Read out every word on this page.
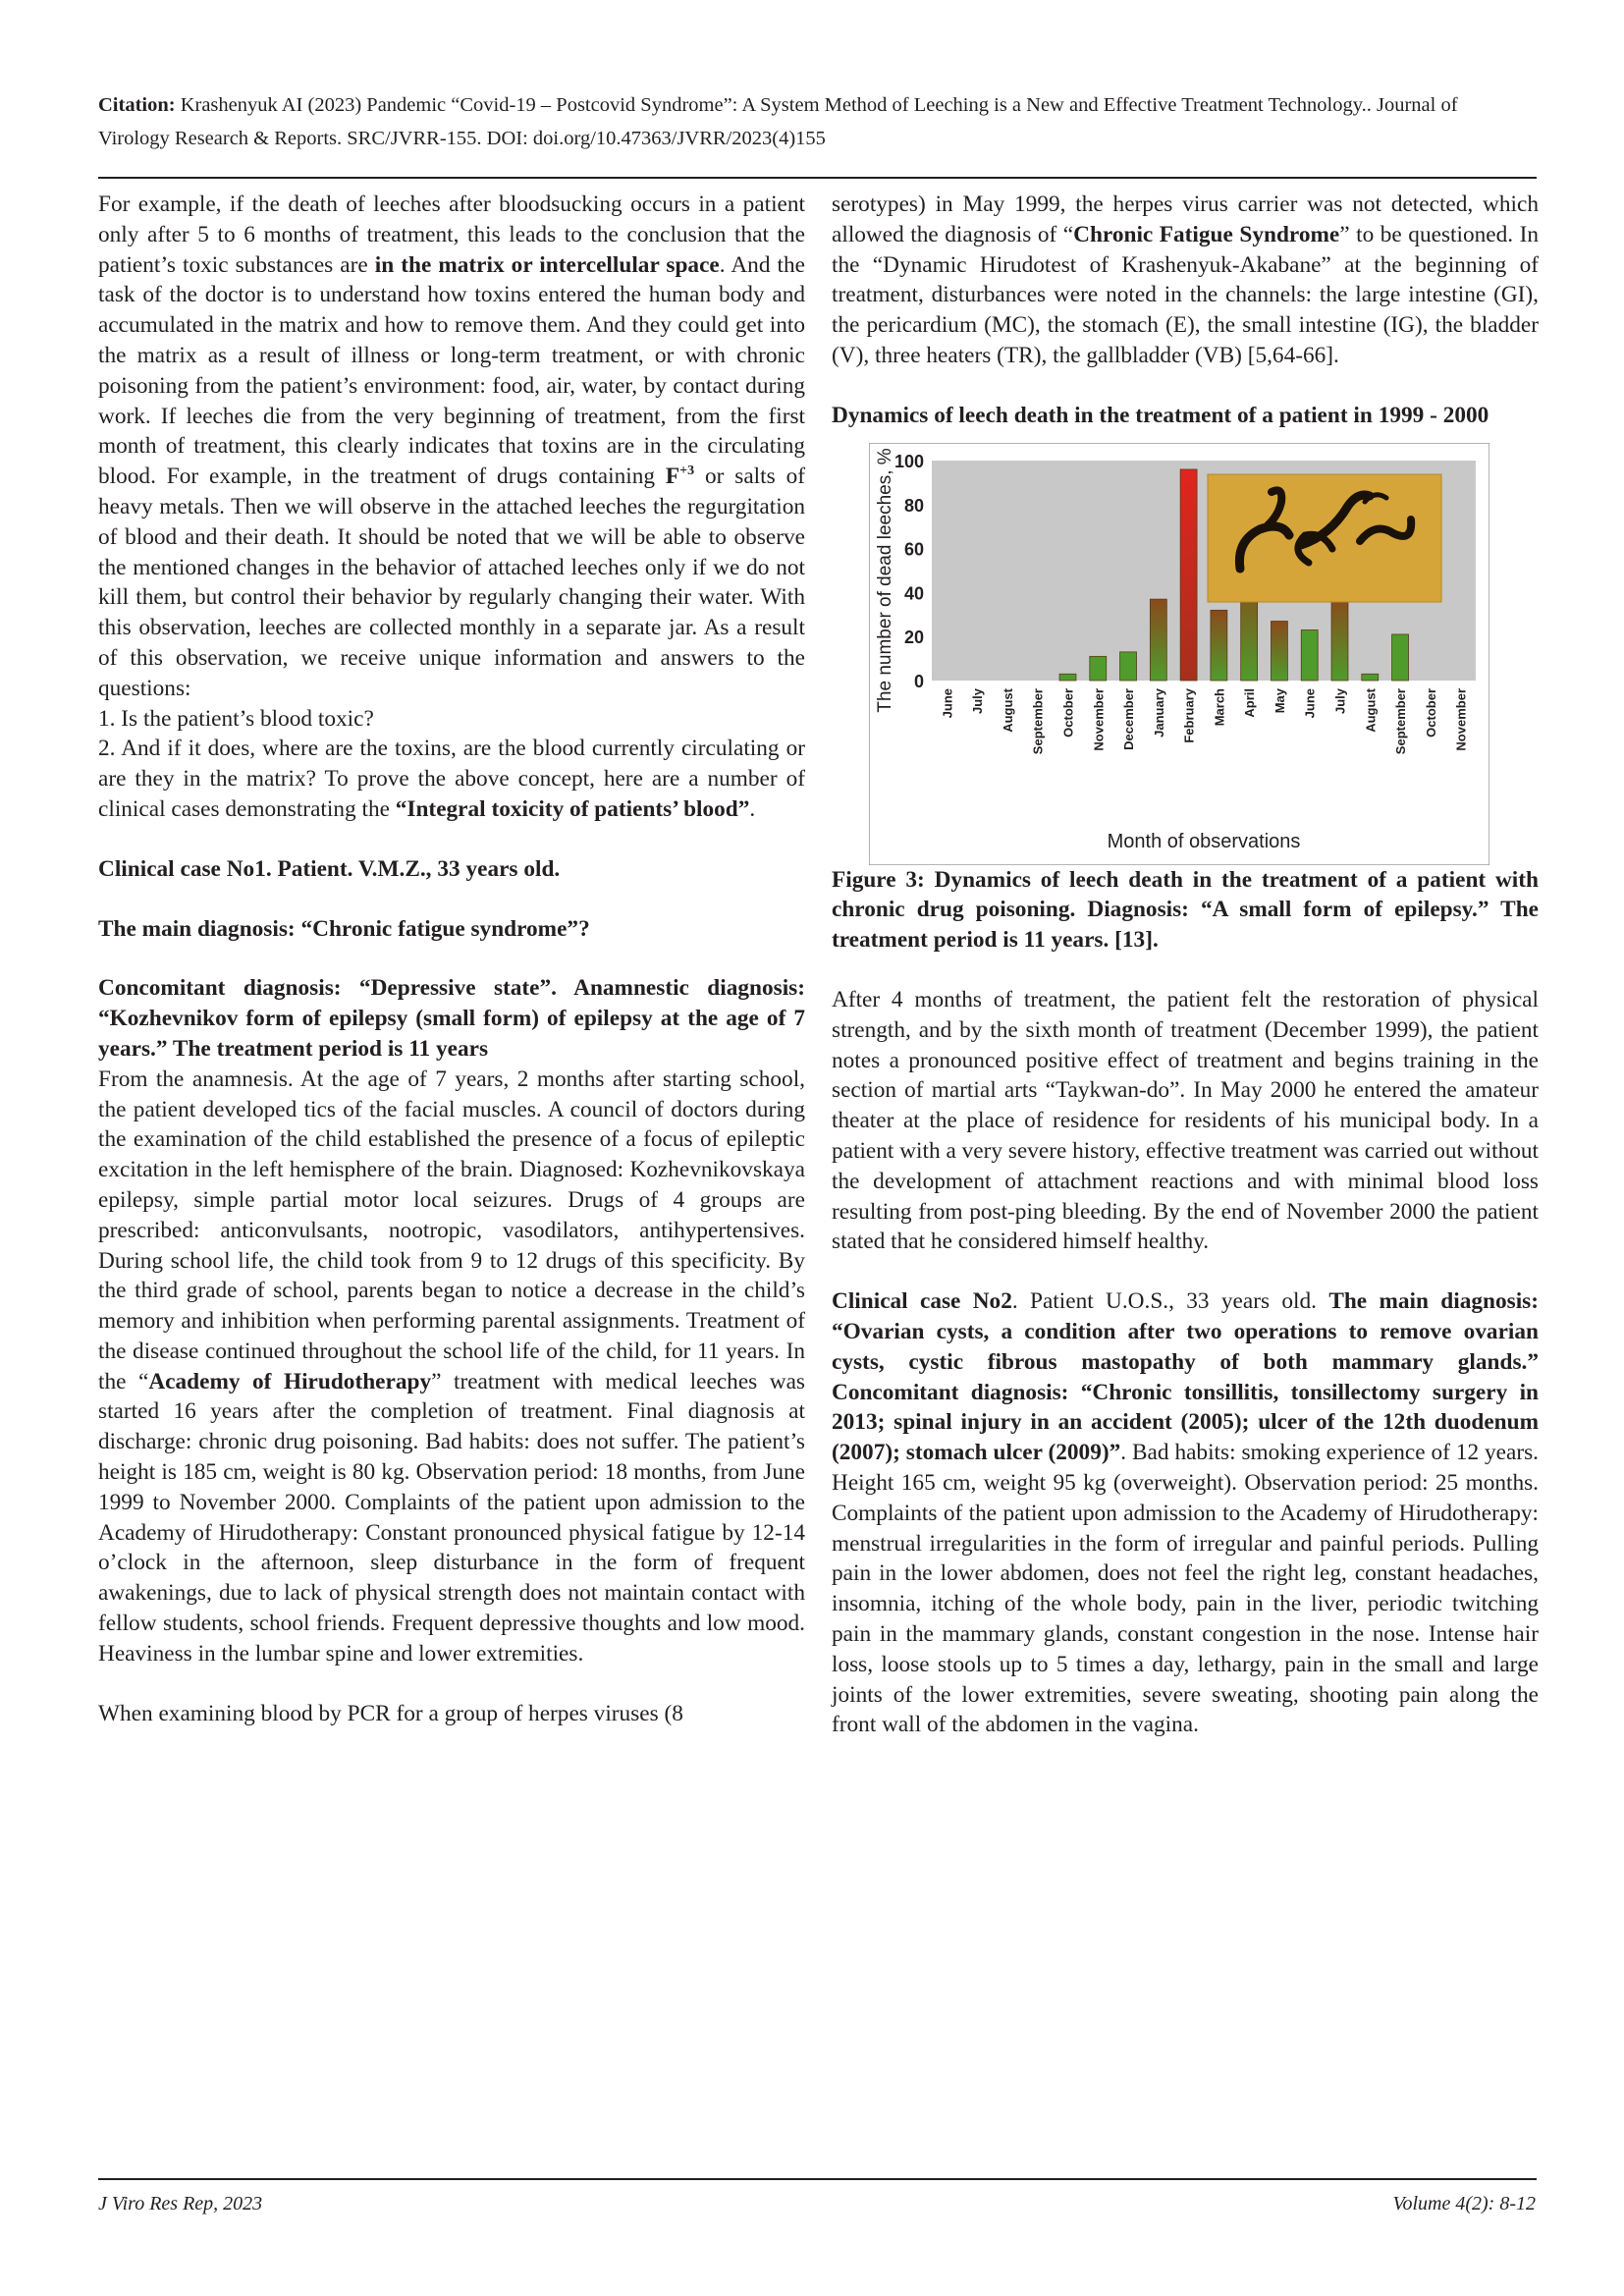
Citation: Krashenyuk AI (2023) Pandemic “Covid-19 – Postcovid Syndrome”: A System Method of Leeching is a New and Effective Treatment Technology.. Journal of Virology Research & Reports. SRC/JVRR-155. DOI: doi.org/10.47363/JVRR/2023(4)155

For example, if the death of leeches after bloodsucking occurs in a patient only after 5 to 6 months of treatment, this leads to the conclusion that the patient’s toxic substances are in the matrix or intercellular space. And the task of the doctor is to understand how toxins entered the human body and accumulated in the matrix and how to remove them. And they could get into the matrix as a result of illness or long-term treatment, or with chronic poisoning from the patient’s environment: food, air, water, by contact during work. If leeches die from the very beginning of treatment, from the first month of treatment, this clearly indicates that toxins are in the circulating blood. For example, in the treatment of drugs containing $F^{+3}$ or salts of heavy metals. Then we will observe in the attached leeches the regurgitation of blood and their death. It should be noted that we will be able to observe the mentioned changes in the behavior of attached leeches only if we do not kill them, but control their behavior by regularly changing their water. With this observation, leeches are collected monthly in a separate jar. As a result of this observation, we receive unique information and answers to the questions:

1. Is the patient’s blood toxic?

2. And if it does, where are the toxins, are the blood currently circulating or are they in the matrix? To prove the above concept, here are a number of clinical cases demonstrating the “Integral toxicity of patients’ blood”.

Clinical case No1. Patient. V.M.Z., 33 years old.

The main diagnosis: “Chronic fatigue syndrome”?

Concomitant diagnosis: “Depressive state”. Anamnestic diagnosis: “Kozhevnikov form of epilepsy (small form) of epilepsy at the age of 7 years.” The treatment period is 11 years

From the anamnesis. At the age of 7 years, 2 months after starting school, the patient developed tics of the facial muscles. A council of doctors during the examination of the child established the presence of a focus of epileptic excitation in the left hemisphere of the brain. Diagnosed: Kozhevnikovskaya epilepsy, simple partial motor local seizures. Drugs of 4 groups are prescribed: anticonvulsants, nootropic, vasodilators, antihypertensives. During school life, the child took from 9 to 12 drugs of this specificity. By the third grade of school, parents began to notice a decrease in the child’s memory and inhibition when performing parental assignments. Treatment of the disease continued throughout the school life of the child, for 11 years. In the “Academy of Hirudotherapy” treatment with medical leeches was started 16 years after the completion of treatment. Final diagnosis at discharge: chronic drug poisoning. Bad habits: does not suffer. The patient’s height is 185 cm, weight is 80 kg. Observation period: 18 months, from June 1999 to November 2000. Complaints of the patient upon admission to the Academy of Hirudotherapy: Constant pronounced physical fatigue by 12-14 o’clock in the afternoon, sleep disturbance in the form of frequent awakenings, due to lack of physical strength does not maintain contact with fellow students, school friends. Frequent depressive thoughts and low mood. Heaviness in the lumbar spine and lower extremities.

When examining blood by PCR for a group of herpes viruses (8

serotypes) in May 1999, the herpes virus carrier was not detected, which allowed the diagnosis of “Chronic Fatigue Syndrome” to be questioned. In the “Dynamic Hirudotest of Krashenyuk-Akabane” at the beginning of treatment, disturbances were noted in the channels: the large intestine (GI), the pericardium (MC), the stomach (E), the small intestine (IG), the bladder (V), three heaters (TR), the gallbladder (VB) [5,64-66].

Dynamics of leech death in the treatment of a patient in 1999 - 2000

0
20
40
60
80
100
June July August September October November December January February March April May June July August September October November
The number of dead leeches, %
Month of observations

Figure 3: Dynamics of leech death in the treatment of a patient with chronic drug poisoning. Diagnosis: “A small form of epilepsy.” The treatment period is 11 years. [13].

After 4 months of treatment, the patient felt the restoration of physical strength, and by the sixth month of treatment (December 1999), the patient notes a pronounced positive effect of treatment and begins training in the section of martial arts “Taykwan-do”. In May 2000 he entered the amateur theater at the place of residence for residents of his municipal body. In a patient with a very severe history, effective treatment was carried out without the development of attachment reactions and with minimal blood loss resulting from post-ping bleeding. By the end of November 2000 the patient stated that he considered himself healthy.

Clinical case No2. Patient U.O.S., 33 years old. The main diagnosis: “Ovarian cysts, a condition after two operations to remove ovarian cysts, cystic fibrous mastopathy of both mammary glands.” Concomitant diagnosis: “Chronic tonsillitis, tonsillectomy surgery in 2013; spinal injury in an accident (2005); ulcer of the 12th duodenum (2007); stomach ulcer (2009)”. Bad habits: smoking experience of 12 years. Height 165 cm, weight 95 kg (overweight). Observation period: 25 months. Complaints of the patient upon admission to the Academy of Hirudotherapy: menstrual irregularities in the form of irregular and painful periods. Pulling pain in the lower abdomen, does not feel the right leg, constant headaches, insomnia, itching of the whole body, pain in the liver, periodic twitching pain in the mammary glands, constant congestion in the nose. Intense hair loss, loose stools up to 5 times a day, lethargy, pain in the small and large joints of the lower extremities, severe sweating, shooting pain along the front wall of the abdomen in the vagina.

J Viro Res Rep, 2023	Volume 4(2): 8-12
